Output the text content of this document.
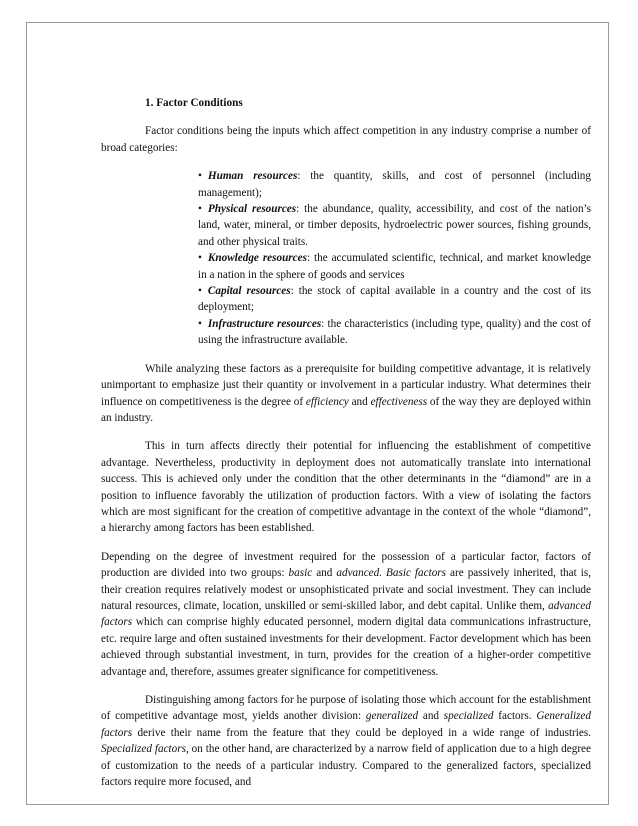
1. Factor Conditions

Factor conditions being the inputs which affect competition in any industry comprise a number of broad categories:

• Human resources: the quantity, skills, and cost of personnel (including management);
• Physical resources: the abundance, quality, accessibility, and cost of the nation’s land, water, mineral, or timber deposits, hydroelectric power sources, fishing grounds, and other physical traits.
• Knowledge resources: the accumulated scientific, technical, and market knowledge in a nation in the sphere of goods and services
• Capital resources: the stock of capital available in a country and the cost of its deployment;
• Infrastructure resources: the characteristics (including type, quality) and the cost of using the infrastructure available.

While analyzing these factors as a prerequisite for building competitive advantage, it is relatively unimportant to emphasize just their quantity or involvement in a particular industry. What determines their influence on competitiveness is the degree of efficiency and effectiveness of the way they are deployed within an industry.

This in turn affects directly their potential for influencing the establishment of competitive advantage. Nevertheless, productivity in deployment does not automatically translate into international success. This is achieved only under the condition that the other determinants in the “diamond” are in a position to influence favorably the utilization of production factors. With a view of isolating the factors which are most significant for the creation of competitive advantage in the context of the whole “diamond”, a hierarchy among factors has been established.

Depending on the degree of investment required for the possession of a particular factor, factors of production are divided into two groups: basic and advanced. Basic factors are passively inherited, that is, their creation requires relatively modest or unsophisticated private and social investment. They can include natural resources, climate, location, unskilled or semi-skilled labor, and debt capital. Unlike them, advanced factors which can comprise highly educated personnel, modern digital data communications infrastructure, etc. require large and often sustained investments for their development. Factor development which has been achieved through substantial investment, in turn, provides for the creation of a higher-order competitive advantage and, therefore, assumes greater significance for competitiveness.

Distinguishing among factors for he purpose of isolating those which account for the establishment of competitive advantage most, yields another division: generalized and specialized factors. Generalized factors derive their name from the feature that they could be deployed in a wide range of industries. Specialized factors, on the other hand, are characterized by a narrow field of application due to a high degree of customization to the needs of a particular industry. Compared to the generalized factors, specialized factors require more focused, and
